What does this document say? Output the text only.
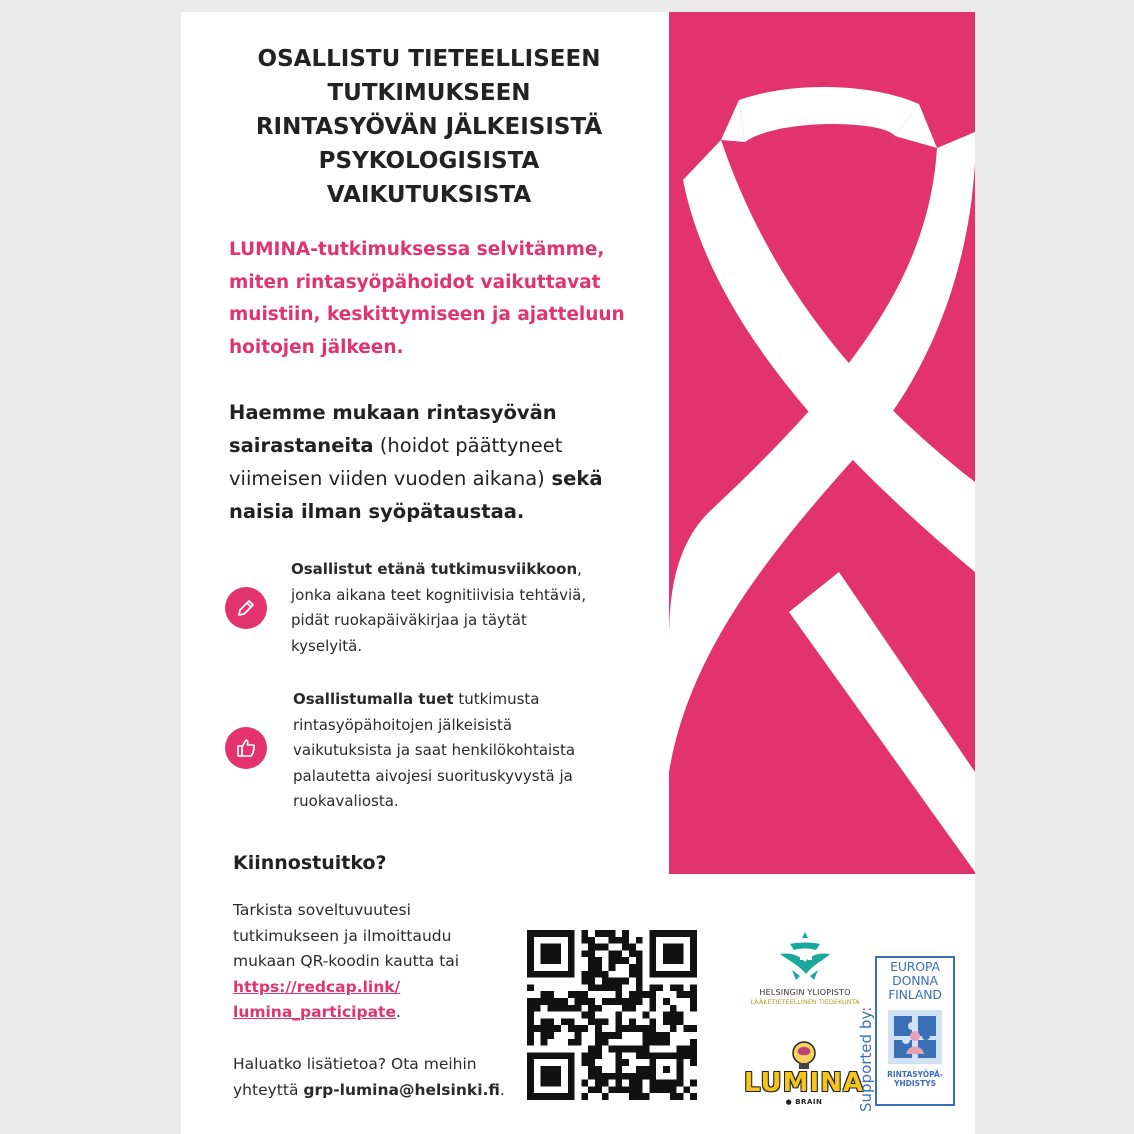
OSALLISTU TIETEELLISEEN
TUTKIMUKSEEN
RINTASYÖVÄN JÄLKEISISTÄ
PSYKOLOGISISTA
VAIKUTUKSISTA
LUMINA-tutkimuksessa selvitämme,
miten rintasyöpähoidot vaikuttavat
muistiin, keskittymiseen ja ajatteluun
hoitojen jälkeen.
Haemme mukaan rintasyövän
sairastaneita (hoidot päättyneet
viimeisen viiden vuoden aikana) sekä
naisia ilman syöpätaustaa.
Osallistut etänä tutkimusviikkoon,
jonka aikana teet kognitiivisia tehtäviä,
pidät ruokapäiväkirjaa ja täytät
kyselyitä.
Osallistumalla tuet tutkimusta
rintasyöpähoitojen jälkeisistä
vaikutuksista ja saat henkilökohtaista
palautetta aivojesi suorituskyvystä ja
ruokavaliosta.
Kiinnostuitko?
Tarkista soveltuvuutesi
tutkimukseen ja ilmoittaudu
mukaan QR-koodin kautta tai
https://redcap.link/
lumina_participate.
Haluatko lisätietoa? Ota meihin
yhteyttä grp-lumina@helsinki.fi.
HELSINGIN YLIOPISTO
LÄÄKETIETEELLINEN TIEDEKUNTA
LUMINA
● BRAIN	Supported by:
EUROPA
DONNA
FINLAND
RINTASYÖPÄ-
YHDISTYS
